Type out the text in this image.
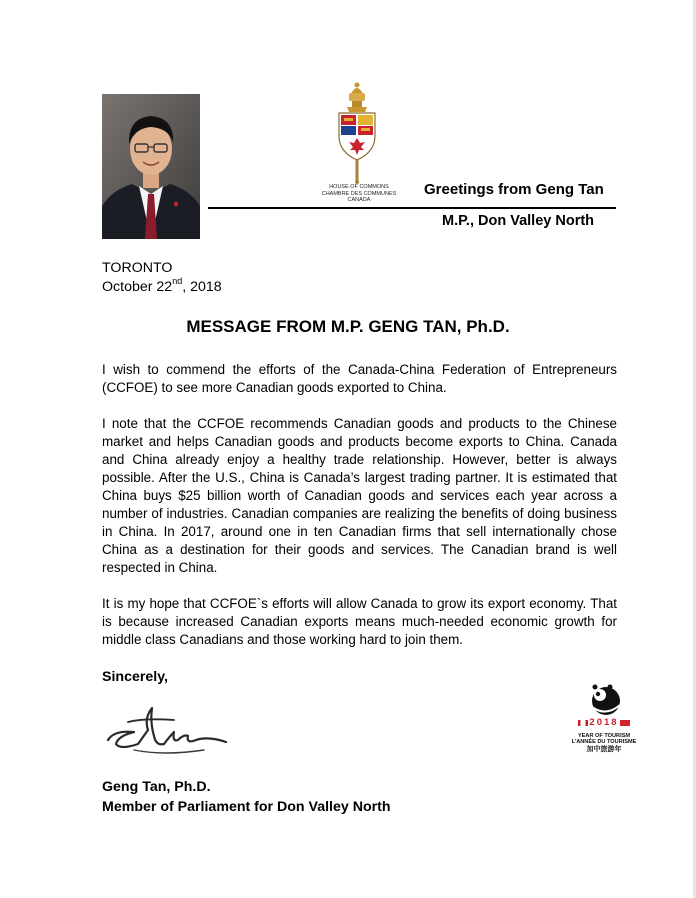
HOUSE OF COMMONS
CHAMBRE DES COMMUNES
CANADA
Greetings from Geng Tan
M.P., Don Valley North
TORONTO
October 22nd, 2018
MESSAGE FROM M.P. GENG TAN, Ph.D.
I wish to commend the efforts of the Canada-China Federation of Entrepreneurs (CCFOE) to see more Canadian goods exported to China.
I note that the CCFOE recommends Canadian goods and products to the Chinese market and helps Canadian goods and products become exports to China. Canada and China already enjoy a healthy trade relationship. However, better is always possible. After the U.S., China is Canada’s largest trading partner. It is estimated that China buys $25 billion worth of Canadian goods and services each year across a number of industries. Canadian companies are realizing the benefits of doing business in China. In 2017, around one in ten Canadian firms that sell internationally chose China as a destination for their goods and services. The Canadian brand is well respected in China.
It is my hope that CCFOE`s efforts will allow Canada to grow its export economy. That is because increased Canadian exports means much-needed economic growth for middle class Canadians and those working hard to join them.
Sincerely,
2018
YEAR OF TOURISM
L’ANNÉE DU TOURISME
加中旅游年
Geng Tan, Ph.D.
Member of Parliament for Don Valley North
